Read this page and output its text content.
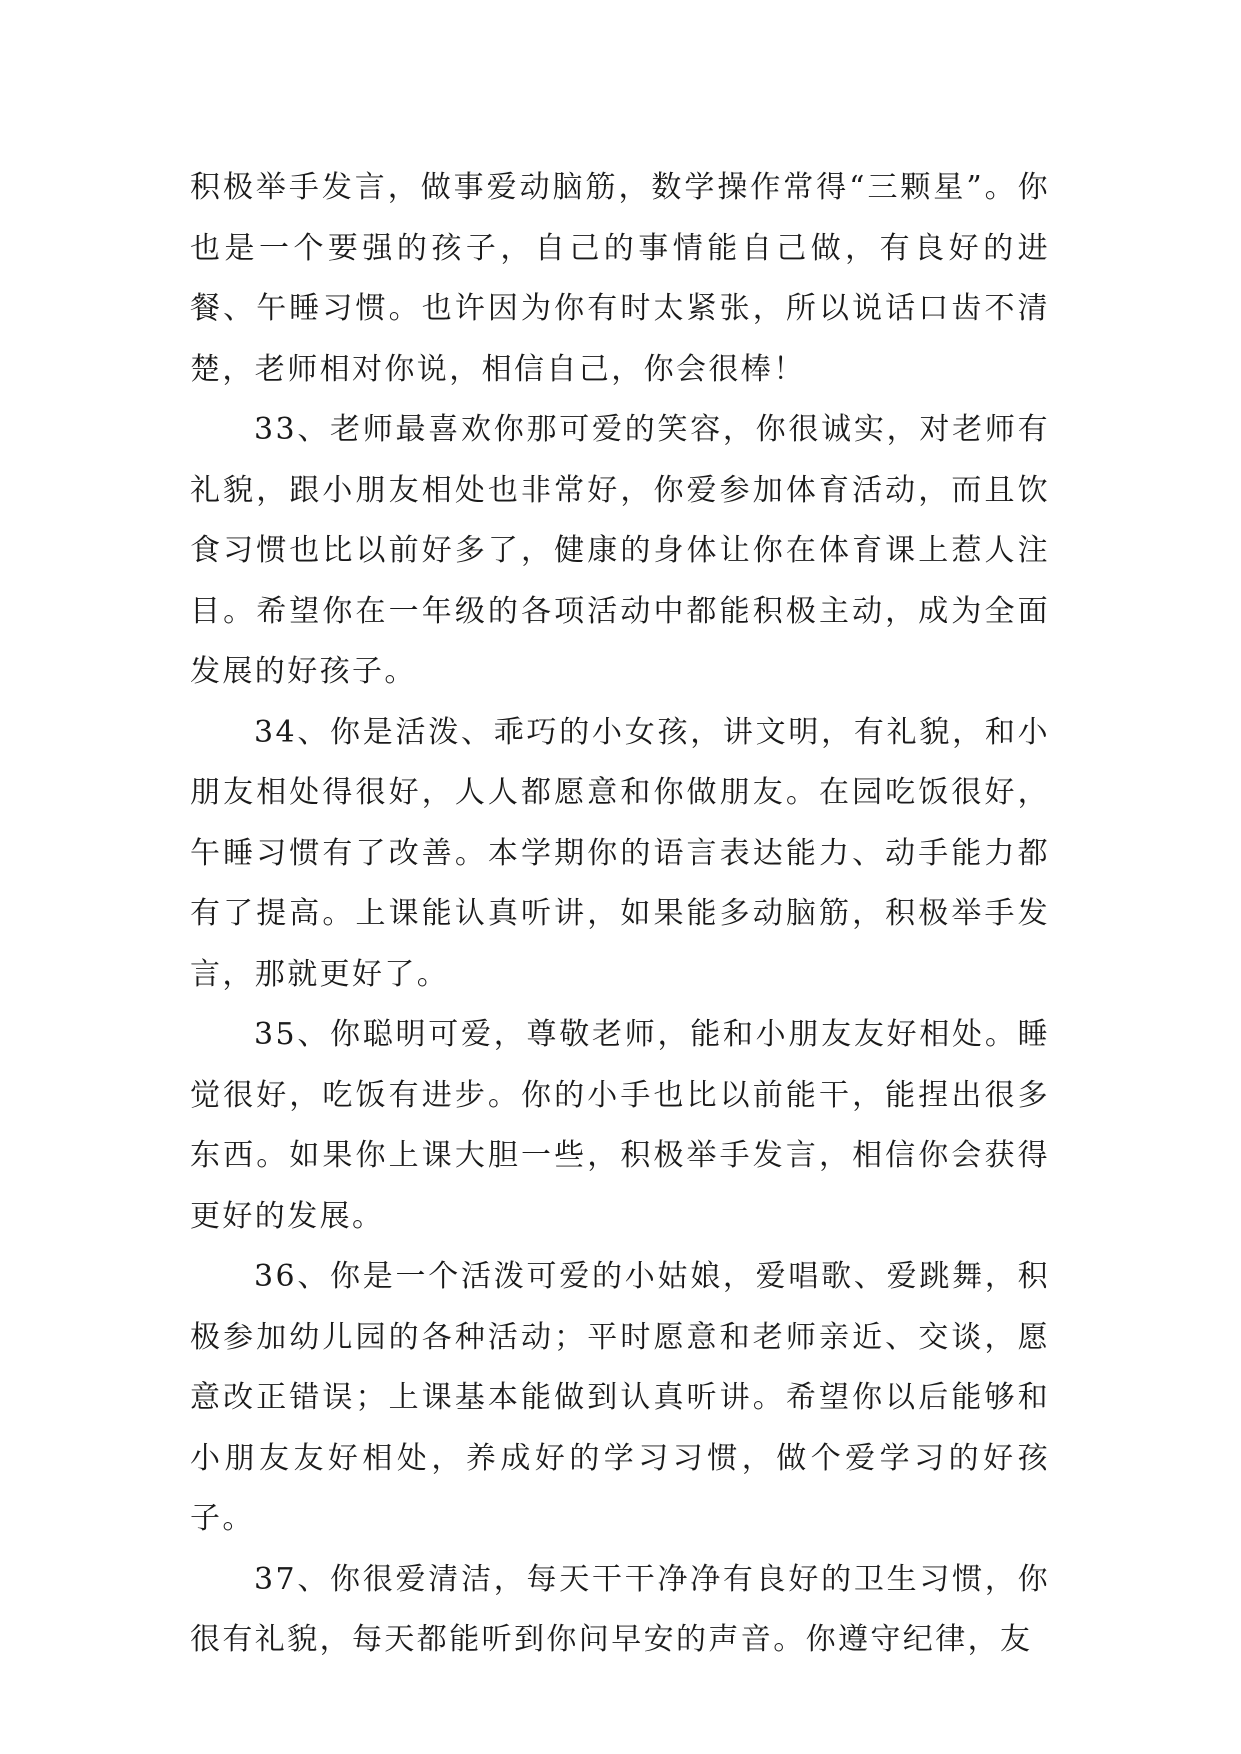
积极举手发言，做事爱动脑筋，数学操作常得“三颗星”。你也是一个要强的孩子，自己的事情能自己做，有良好的进餐、午睡习惯。也许因为你有时太紧张，所以说话口齿不清楚，老师相对你说，相信自己，你会很棒！

33、老师最喜欢你那可爱的笑容，你很诚实，对老师有礼貌，跟小朋友相处也非常好，你爱参加体育活动，而且饮食习惯也比以前好多了，健康的身体让你在体育课上惹人注目。希望你在一年级的各项活动中都能积极主动，成为全面发展的好孩子。

34、你是活泼、乖巧的小女孩，讲文明，有礼貌，和小朋友相处得很好，人人都愿意和你做朋友。在园吃饭很好，午睡习惯有了改善。本学期你的语言表达能力、动手能力都有了提高。上课能认真听讲，如果能多动脑筋，积极举手发言，那就更好了。

35、你聪明可爱，尊敬老师，能和小朋友友好相处。睡觉很好，吃饭有进步。你的小手也比以前能干，能捏出很多东西。如果你上课大胆一些，积极举手发言，相信你会获得更好的发展。

36、你是一个活泼可爱的小姑娘，爱唱歌、爱跳舞，积极参加幼儿园的各种活动；平时愿意和老师亲近、交谈，愿意改正错误；上课基本能做到认真听讲。希望你以后能够和小朋友友好相处，养成好的学习习惯，做个爱学习的好孩子。

37、你很爱清洁，每天干干净净有良好的卫生习惯，你很有礼貌，每天都能听到你问早安的声音。你遵守纪律，友
